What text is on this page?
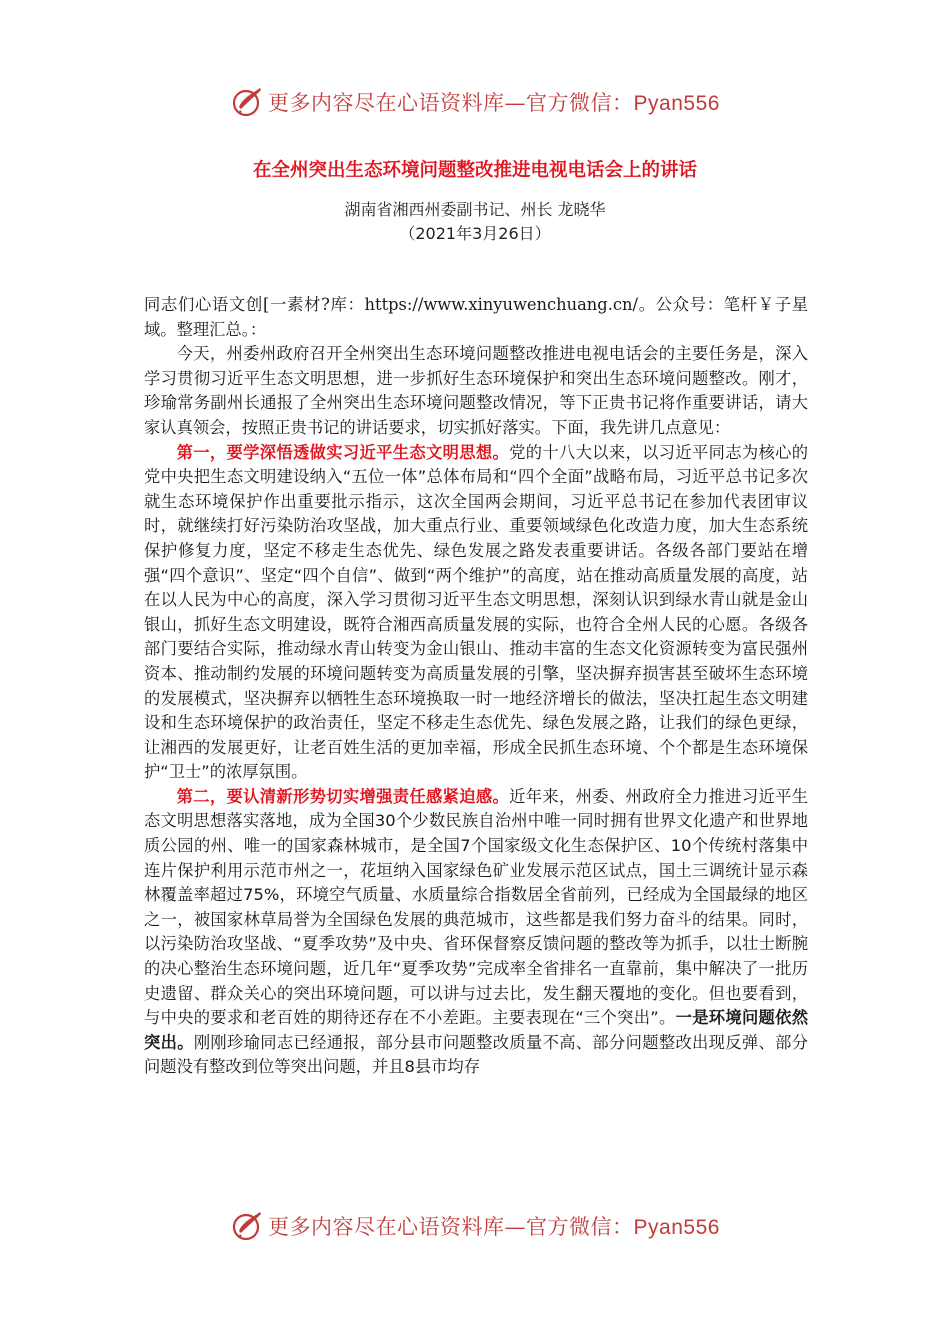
更多内容尽在心语资料库—官方微信：Pyan556
在全州突出生态环境问题整改推进电视电话会上的讲话
湖南省湘西州委副书记、州长 龙晓华
（2021年3月26日）

同志们心语文创[一素材?库：https://www.xinyuwenchuang.cn/。公众号：笔杆￥子星域。整理汇总。：

今天，州委州政府召开全州突出生态环境问题整改推进电视电话会的主要任务是，深入学习贯彻习近平生态文明思想，进一步抓好生态环境保护和突出生态环境问题整改。刚才，珍瑜常务副州长通报了全州突出生态环境问题整改情况，等下正贵书记将作重要讲话，请大家认真领会，按照正贵书记的讲话要求，切实抓好落实。下面，我先讲几点意见：

第一，要学深悟透做实习近平生态文明思想。党的十八大以来，以习近平同志为核心的党中央把生态文明建设纳入“五位一体”总体布局和“四个全面”战略布局，习近平总书记多次就生态环境保护作出重要批示指示，这次全国两会期间，习近平总书记在参加代表团审议时，就继续打好污染防治攻坚战，加大重点行业、重要领域绿色化改造力度，加大生态系统保护修复力度，坚定不移走生态优先、绿色发展之路发表重要讲话。各级各部门要站在增强“四个意识”、坚定“四个自信”、做到“两个维护”的高度，站在推动高质量发展的高度，站在以人民为中心的高度，深入学习贯彻习近平生态文明思想，深刻认识到绿水青山就是金山银山，抓好生态文明建设，既符合湘西高质量发展的实际，也符合全州人民的心愿。各级各部门要结合实际，推动绿水青山转变为金山银山、推动丰富的生态文化资源转变为富民强州资本、推动制约发展的环境问题转变为高质量发展的引擎，坚决摒弃损害甚至破坏生态环境的发展模式，坚决摒弃以牺牲生态环境换取一时一地经济增长的做法，坚决扛起生态文明建设和生态环境保护的政治责任，坚定不移走生态优先、绿色发展之路，让我们的绿色更绿，让湘西的发展更好，让老百姓生活的更加幸福，形成全民抓生态环境、个个都是生态环境保护“卫士”的浓厚氛围。

第二，要认清新形势切实增强责任感紧迫感。近年来，州委、州政府全力推进习近平生态文明思想落实落地，成为全国30个少数民族自治州中唯一同时拥有世界文化遗产和世界地质公园的州、唯一的国家森林城市，是全国7个国家级文化生态保护区、10个传统村落集中连片保护利用示范市州之一，花垣纳入国家绿色矿业发展示范区试点，国土三调统计显示森林覆盖率超过75%，环境空气质量、水质量综合指数居全省前列，已经成为全国最绿的地区之一，被国家林草局誉为全国绿色发展的典范城市，这些都是我们努力奋斗的结果。同时，以污染防治攻坚战、“夏季攻势”及中央、省环保督察反馈问题的整改等为抓手，以壮士断腕的决心整治生态环境问题，近几年“夏季攻势”完成率全省排名一直靠前，集中解决了一批历史遗留、群众关心的突出环境问题，可以讲与过去比，发生翻天覆地的变化。但也要看到，与中央的要求和老百姓的期待还存在不小差距。主要表现在“三个突出”。一是环境问题依然突出。刚刚珍瑜同志已经通报，部分县市问题整改质量不高、部分问题整改出现反弹、部分问题没有整改到位等突出问题，并且8县市均存

更多内容尽在心语资料库—官方微信：Pyan556
